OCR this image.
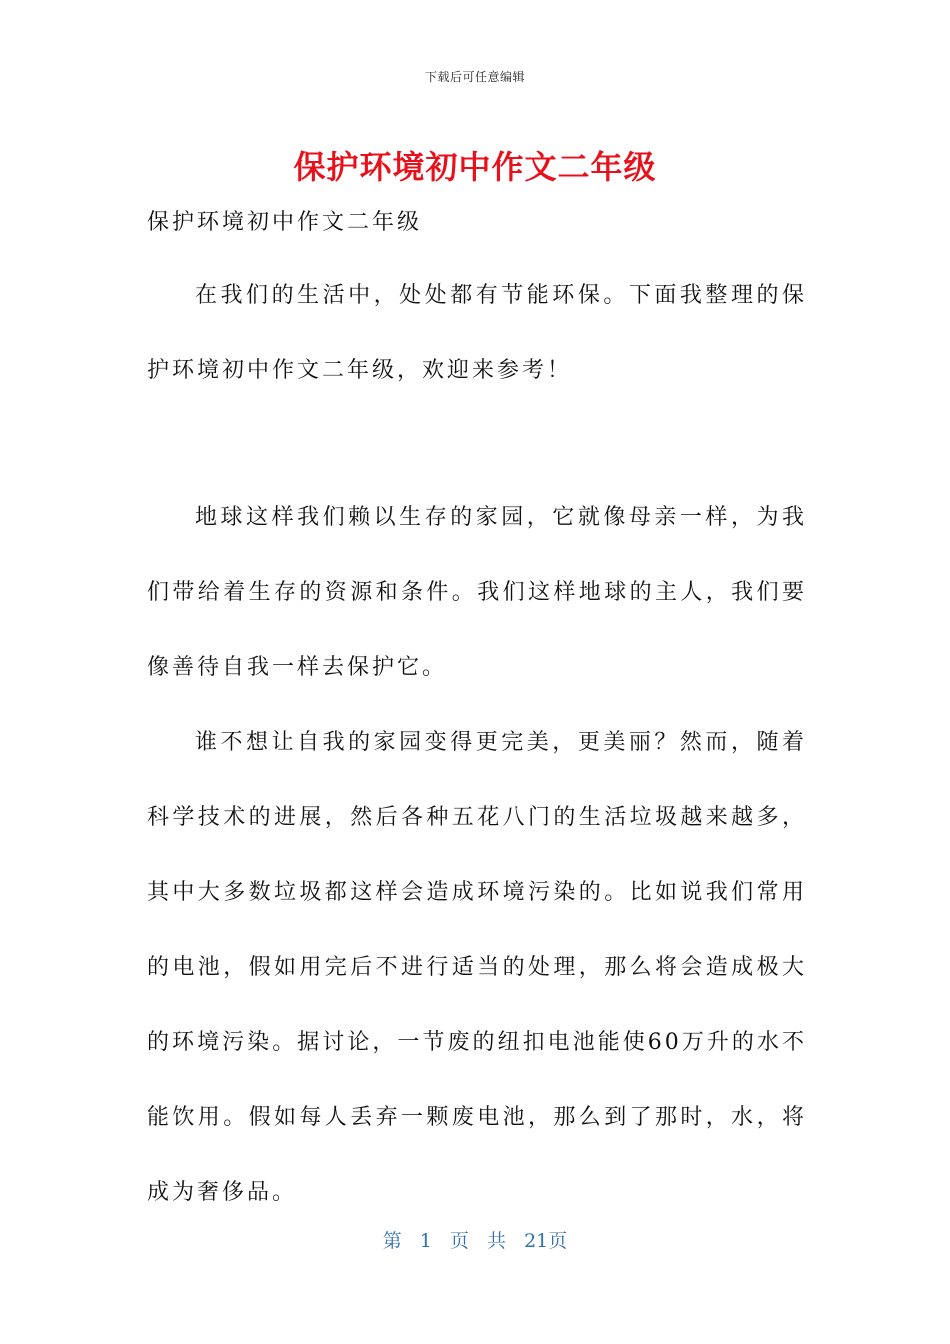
下载后可任意编辑
保护环境初中作文二年级
保护环境初中作文二年级

在我们的生活中，处处都有节能环保。下面我整理的保护环境初中作文二年级，欢迎来参考！

地球这样我们赖以生存的家园，它就像母亲一样，为我们带给着生存的资源和条件。我们这样地球的主人，我们要像善待自我一样去保护它。

谁不想让自我的家园变得更完美，更美丽？然而，随着科学技术的进展，然后各种五花八门的生活垃圾越来越多，其中大多数垃圾都这样会造成环境污染的。比如说我们常用的电池，假如用完后不进行适当的处理，那么将会造成极大的环境污染。据讨论，一节废的纽扣电池能使60万升的水不能饮用。假如每人丢弃一颗废电池，那么到了那时，水，将成为奢侈品。

第 1 页 共 21页
